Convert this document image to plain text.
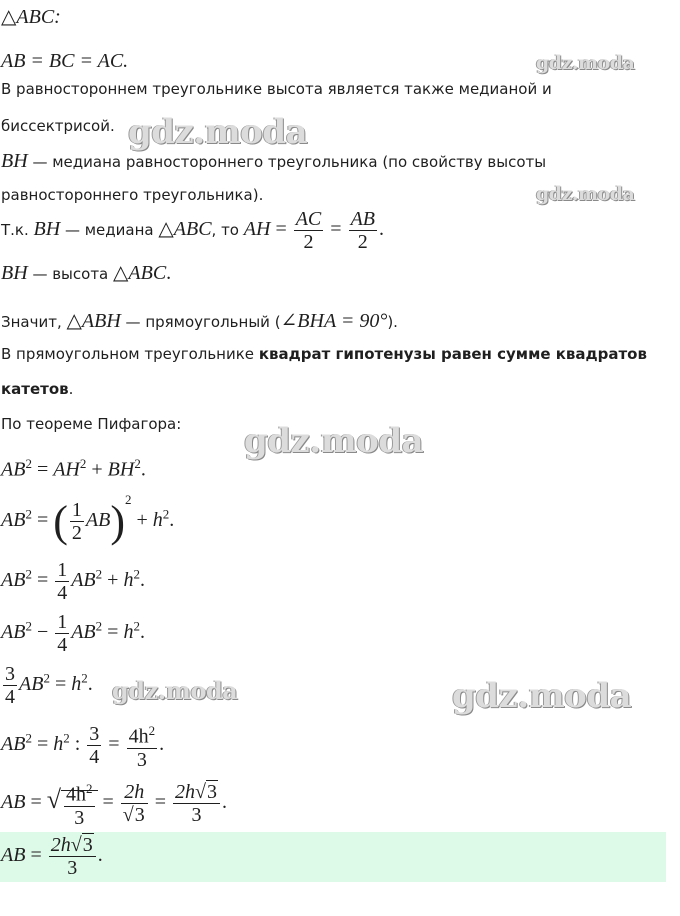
gdz.moda
gdz.moda
gdz.moda
gdz.moda
gdz.moda	gdz.moda
△ABC:
AB = BC = AC.
В равностороннем треугольнике высота является также медианой и
биссектрисой.
BH — медиана равностороннего треугольника (по свойству высоты
равностороннего треугольника).
Т.к. BH — медиана △ABC, то AH = $\frac{AC}{2} = \frac{AB}{2}$ .
BH — высота △ABC.
Значит, △ABH — прямоугольный (∠BHA = 90°).
В прямоугольном треугольнике квадрат гипотенузы равен сумме квадратов
катетов.
По теореме Пифагора:
$AB^2 = AH^2 + BH^2$.
$AB^2$ = ( $\frac{1}{2} AB)^2 + h^2$.
$AB^2 = \frac{1}{4} AB^2 + h^2$.
$AB^2 - \frac{1}{4} AB^2 = h^2$.
$\frac{3}{4} AB^2 = h^2$.
$AB^2 = h^2$ : $\frac{3}{4} = \frac{4h^2}{3}$ .
AB = √ $\frac{4h^2}{3} = \frac{2h}{√3} = \frac{2h√3}{3}$ .
AB = $\frac{2h√3}{3}$ .
